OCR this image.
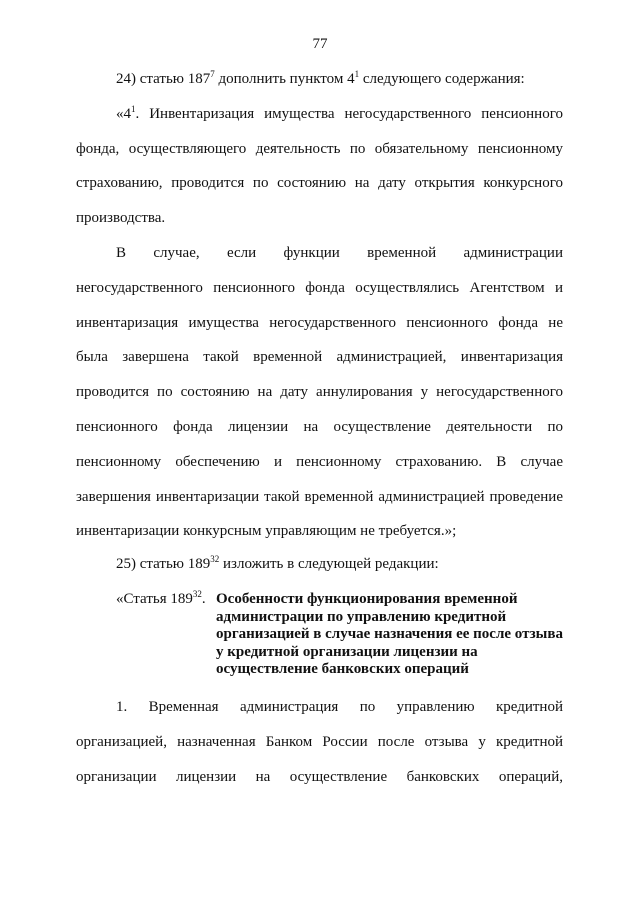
77

24) статью $187^7$ дополнить пунктом $4^1$ следующего содержания:

«$4^1$. Инвентаризация имущества негосударственного пенсионного фонда, осуществляющего деятельность по обязательному пенсионному страхованию, проводится по состоянию на дату открытия конкурсного производства.

В случае, если функции временной администрации негосударственного пенсионного фонда осуществлялись Агентством и инвентаризация имущества негосударственного пенсионного фонда не была завершена такой временной администрацией, инвентаризация проводится по состоянию на дату аннулирования у негосударственного пенсионного фонда лицензии на осуществление деятельности по пенсионному обеспечению и пенсионному страхованию. В случае завершения инвентаризации такой временной администрацией проведение инвентаризации конкурсным управляющим не требуется.»;

25) статью $189^{32}$ изложить в следующей редакции:

«Статья $189^{32}$. Особенности функционирования временной администрации по управлению кредитной организацией в случае назначения ее после отзыва у кредитной организации лицензии на осуществление банковских операций

1. Временная администрация по управлению кредитной организацией, назначенная Банком России после отзыва у кредитной организации лицензии на осуществление банковских операций,
